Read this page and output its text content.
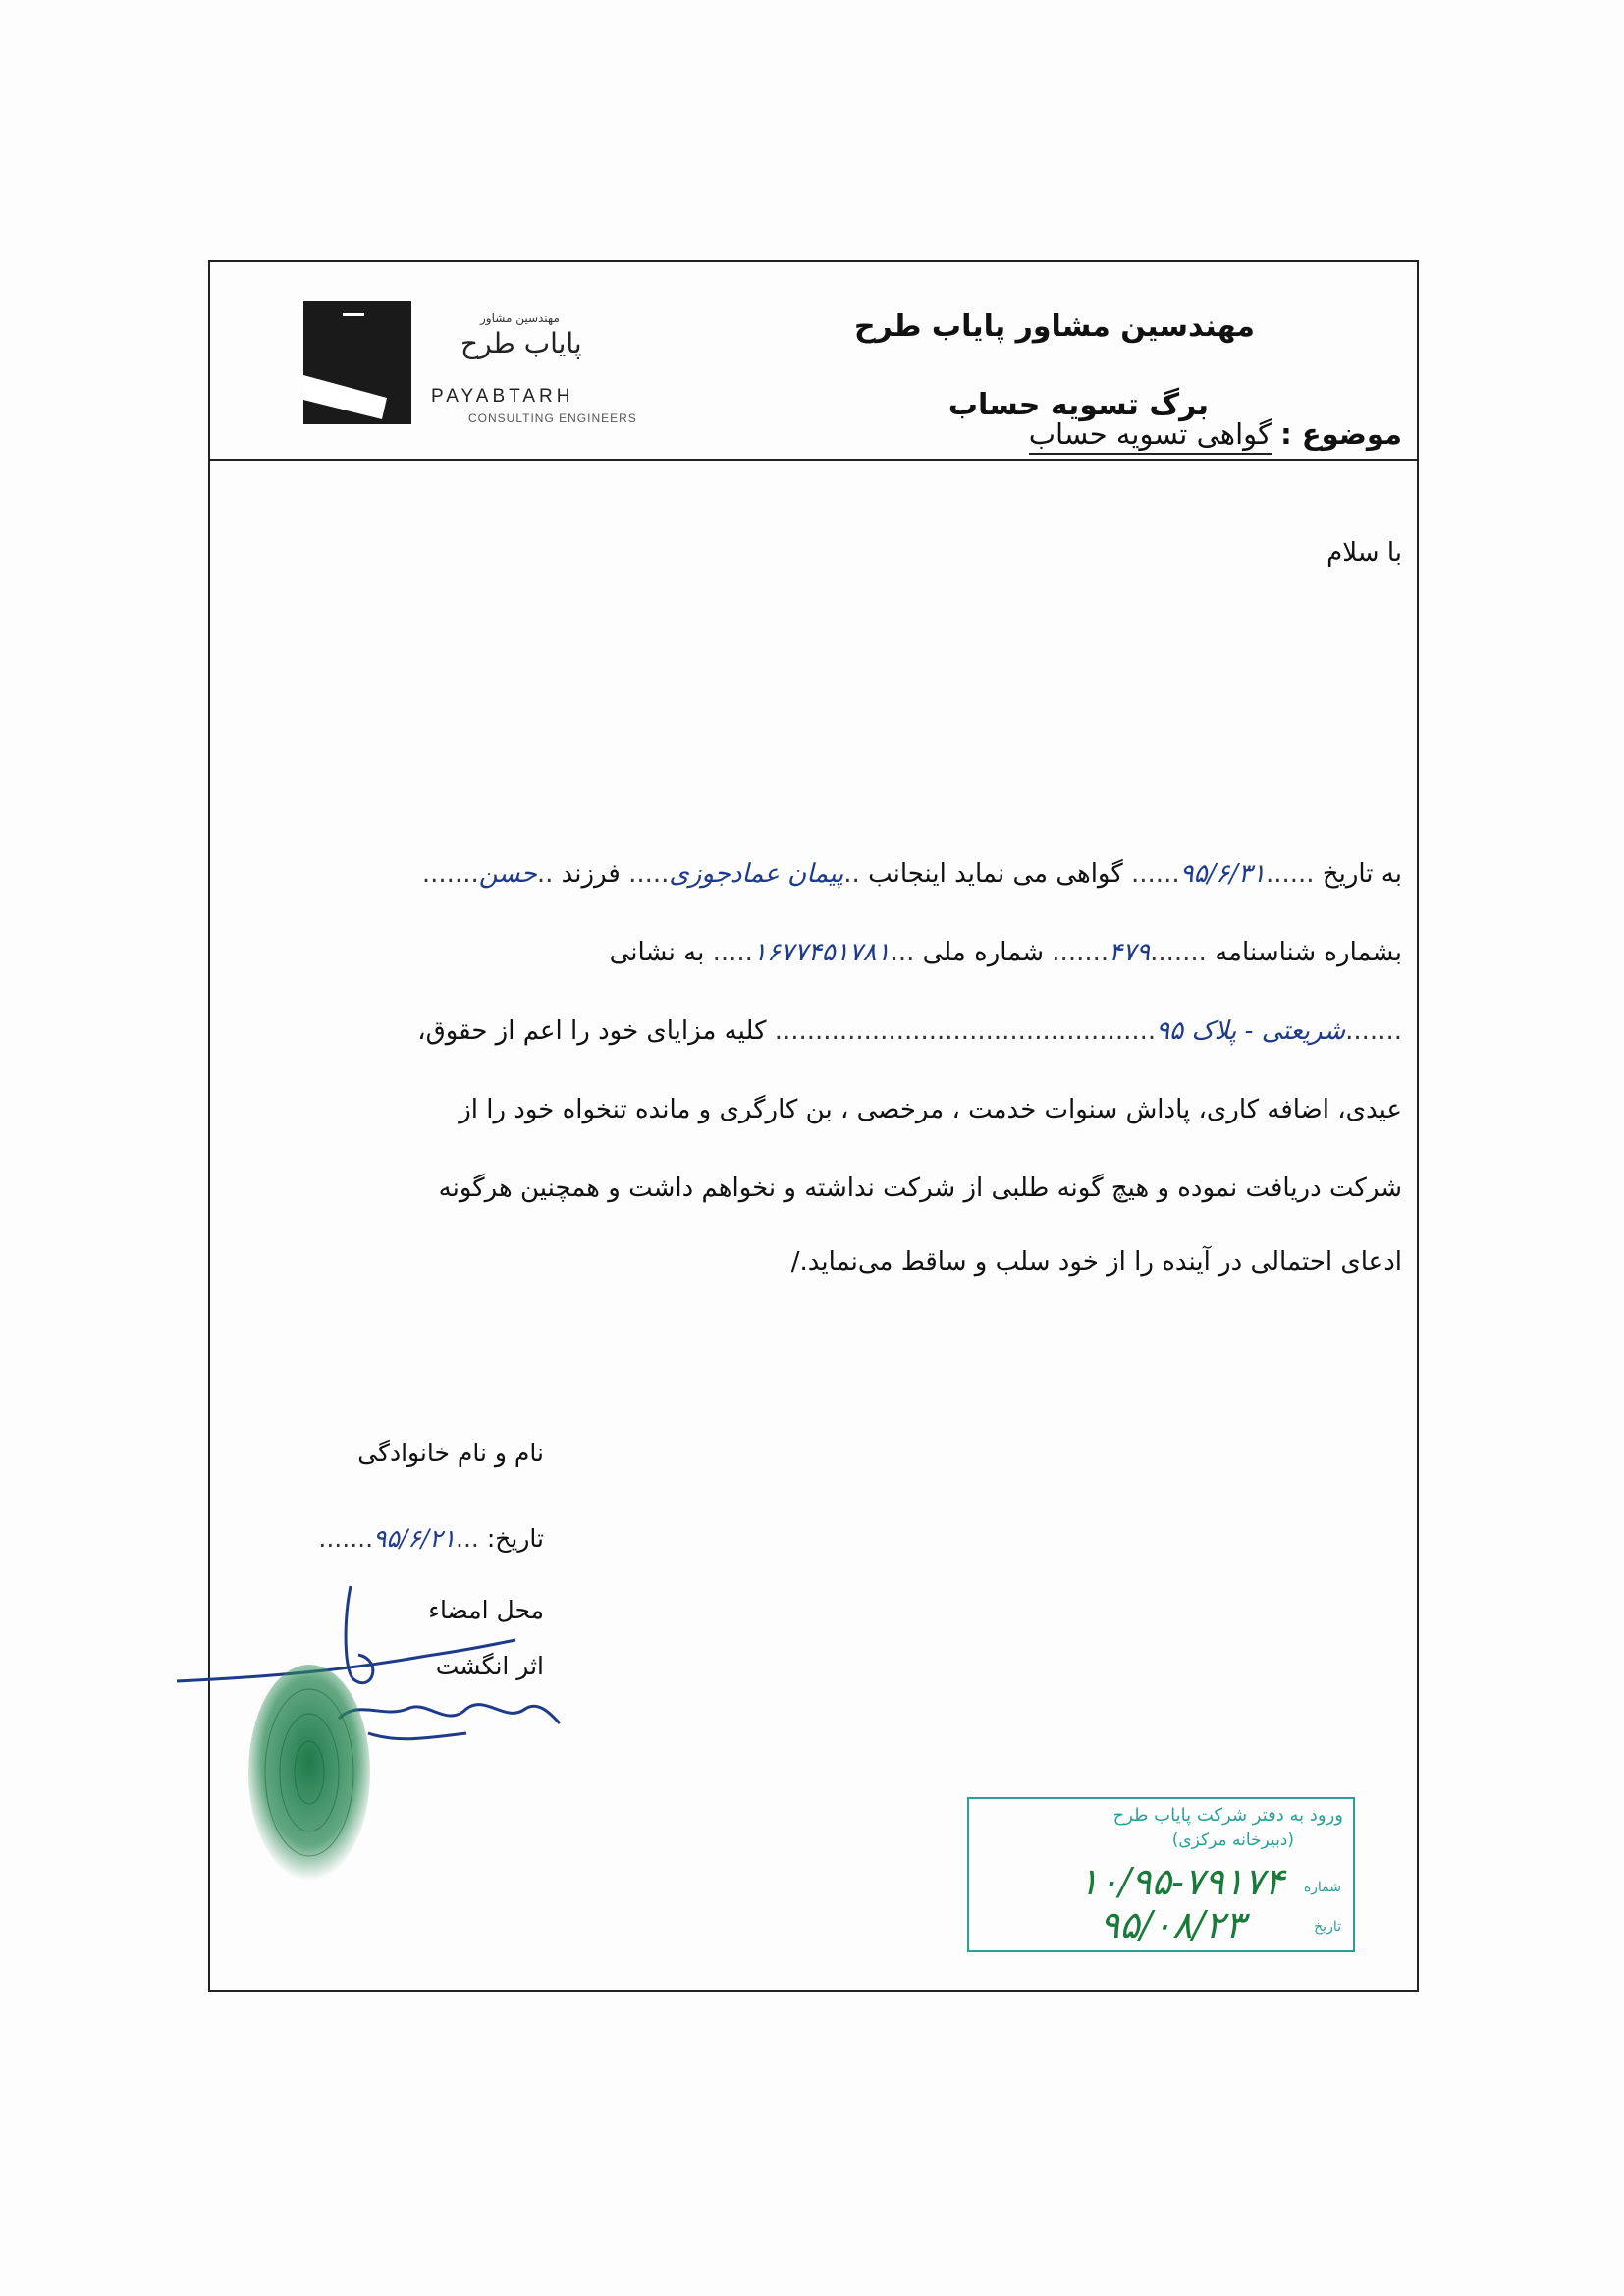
مهندسین مشاور
پایاب طرح
PAYABTARH
CONSULTING ENGINEERS
مهندسین مشاور پایاب طرح
برگ تسویه حساب
موضوع : گواهی تسویه حساب
با سلام
به تاریخ ......۹۵/۶/۳۱...... گواهی می نماید اینجانب ..پیمان عمادجوزی..... فرزند ..حسن.......
بشماره شناسنامه .......۴۷۹....... شماره ملی ...۱۶۷۷۴۵۱۷۸۱..... به نشانی
.......شریعتی - پلاک ۹۵............................................... کلیه مزایای خود را اعم از حقوق،
عیدی، اضافه کاری، پاداش سنوات خدمت ، مرخصی ، بن کارگری و مانده تنخواه خود را از
شرکت دریافت نموده و هیچ گونه طلبی از شرکت نداشته و نخواهم داشت و همچنین هرگونه
ادعای احتمالی در آینده را از خود سلب و ساقط می‌نماید./
نام و نام خانوادگی
تاریخ: ...۹۵/۶/۲۱.......
محل امضاء
اثر انگشت
ورود به دفتر شرکت پایاب طرح
(دبیرخانه مرکزی)
شماره
تاریخ
۱۰/۹۵-۷۹۱۷۴
۹۵/۰۸/۲۳
